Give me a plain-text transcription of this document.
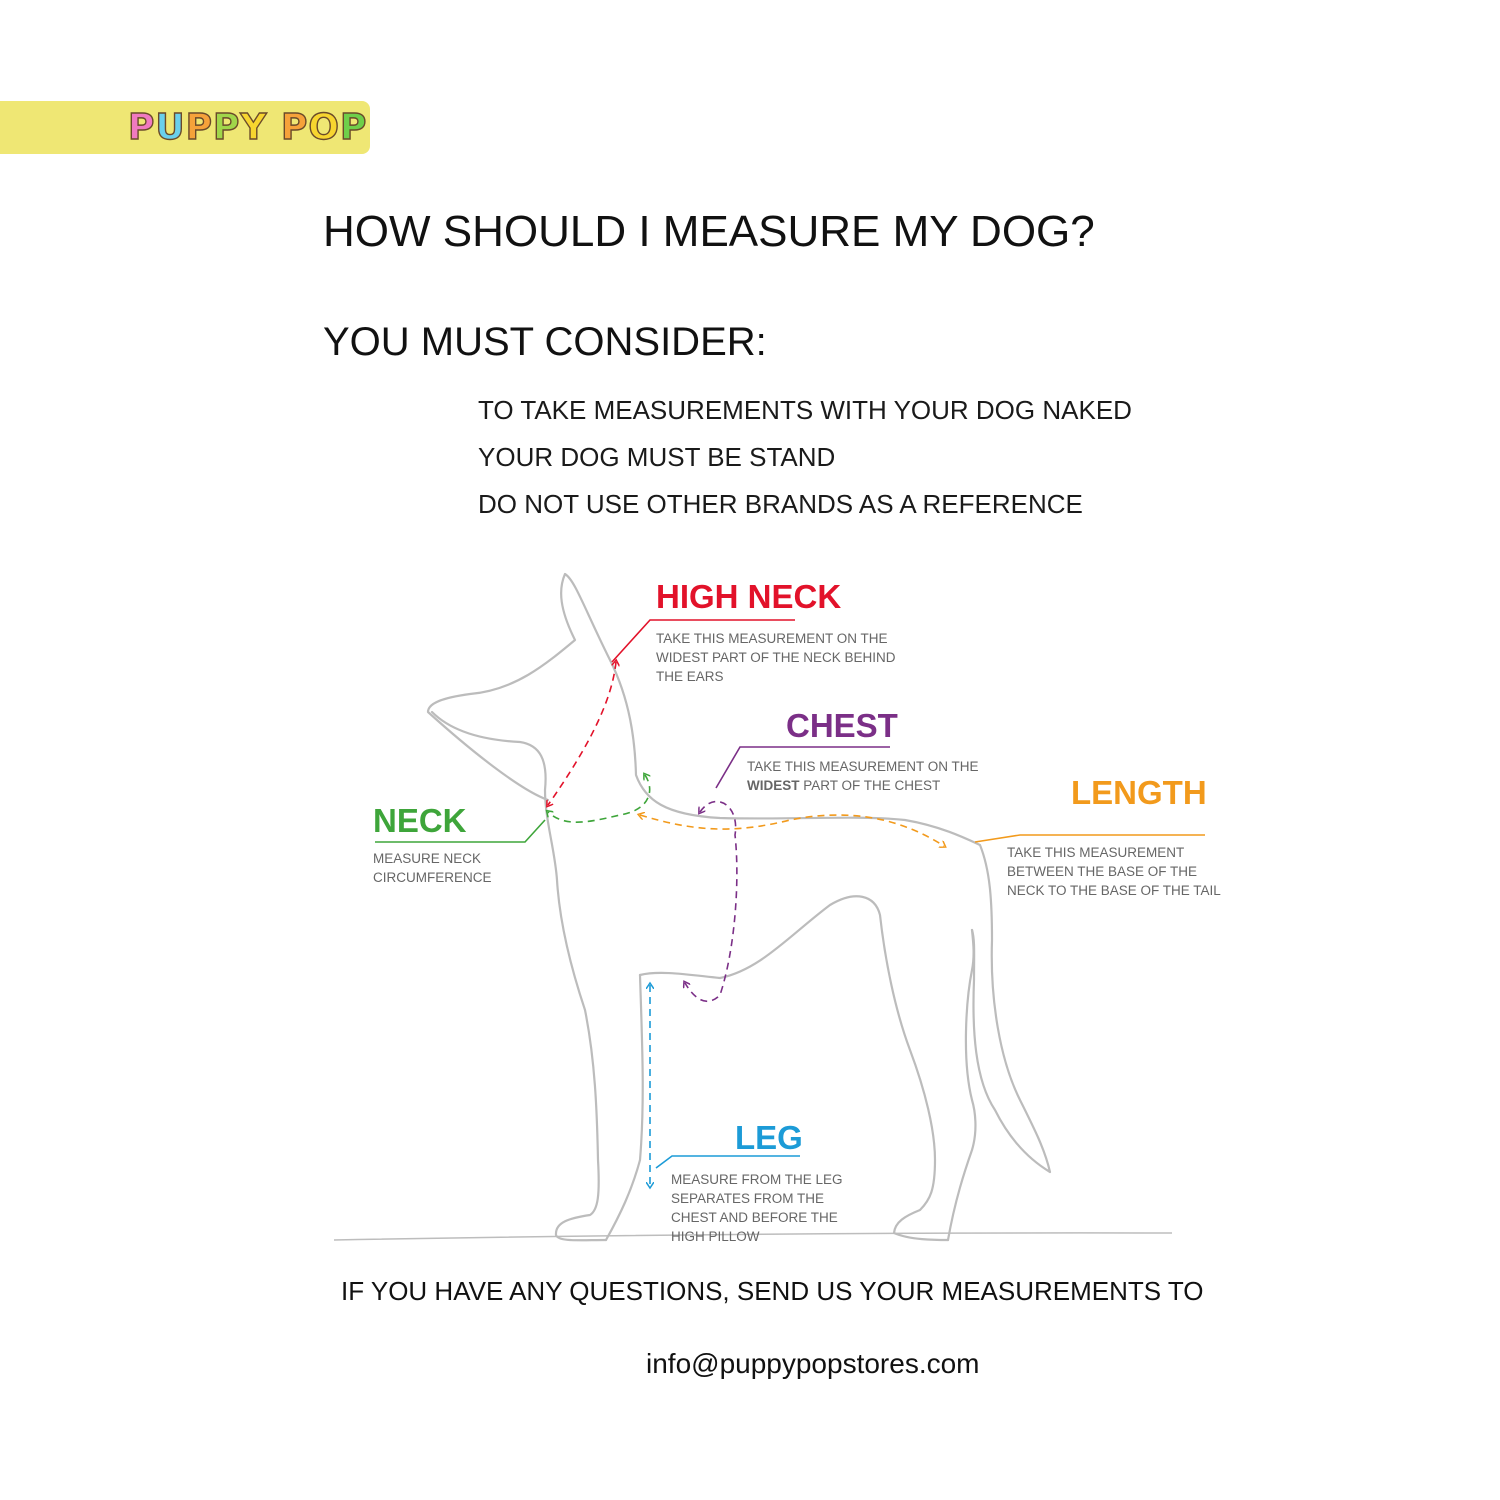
PUPPY POP
HOW SHOULD I MEASURE MY DOG?
YOU MUST CONSIDER:
TO TAKE MEASUREMENTS WITH YOUR DOG NAKED
YOUR DOG MUST BE STAND
DO NOT USE OTHER BRANDS AS A REFERENCE
HIGH NECK
TAKE THIS MEASUREMENT ON THE
WIDEST PART OF THE NECK BEHIND
THE EARS
CHEST
TAKE THIS MEASUREMENT ON THE
WIDEST PART OF THE CHEST	LENGTH
TAKE THIS MEASUREMENT
BETWEEN THE BASE OF THE
NECK TO THE BASE OF THE TAIL
NECK
MEASURE NECK
CIRCUMFERENCE
LEG
MEASURE FROM THE LEG
SEPARATES FROM THE
CHEST AND BEFORE THE
HIGH PILLOW
IF YOU HAVE ANY QUESTIONS, SEND US YOUR MEASUREMENTS TO
info@puppypopstores.com
